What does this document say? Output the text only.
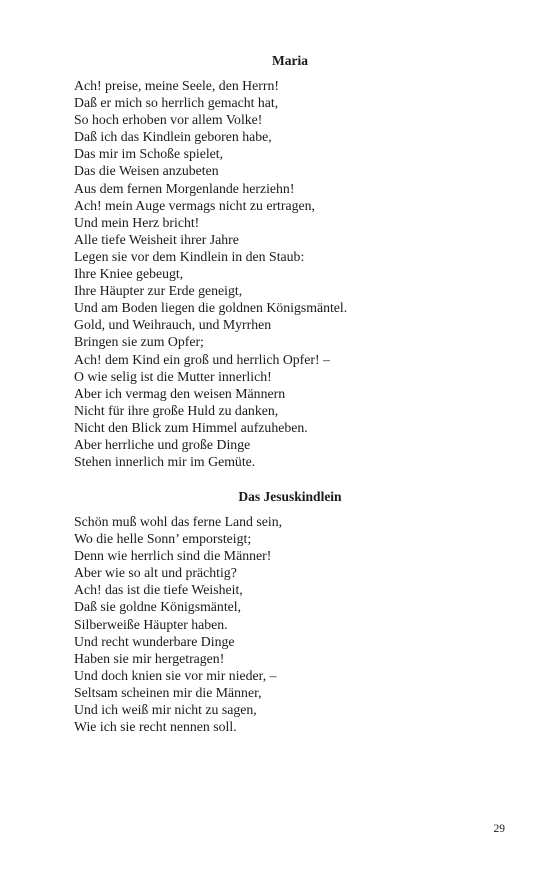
Maria
Ach! preise, meine Seele, den Herrn!
Daß er mich so herrlich gemacht hat,
So hoch erhoben vor allem Volke!
Daß ich das Kindlein geboren habe,
Das mir im Schoße spielet,
Das die Weisen anzubeten
Aus dem fernen Morgenlande herziehn!
Ach! mein Auge vermags nicht zu ertragen,
Und mein Herz bricht!
Alle tiefe Weisheit ihrer Jahre
Legen sie vor dem Kindlein in den Staub:
Ihre Kniee gebeugt,
Ihre Häupter zur Erde geneigt,
Und am Boden liegen die goldnen Königsmäntel.
Gold, und Weihrauch, und Myrrhen
Bringen sie zum Opfer;
Ach! dem Kind ein groß und herrlich Opfer! –
O wie selig ist die Mutter innerlich!
Aber ich vermag den weisen Männern
Nicht für ihre große Huld zu danken,
Nicht den Blick zum Himmel aufzuheben.
Aber herrliche und große Dinge
Stehen innerlich mir im Gemüte.
Das Jesuskindlein
Schön muß wohl das ferne Land sein,
Wo die helle Sonn’ emporsteigt;
Denn wie herrlich sind die Männer!
Aber wie so alt und prächtig?
Ach! das ist die tiefe Weisheit,
Daß sie goldne Königsmäntel,
Silberweiße Häupter haben.
Und recht wunderbare Dinge
Haben sie mir hergetragen!
Und doch knien sie vor mir nieder, –
Seltsam scheinen mir die Männer,
Und ich weiß mir nicht zu sagen,
Wie ich sie recht nennen soll.
29
